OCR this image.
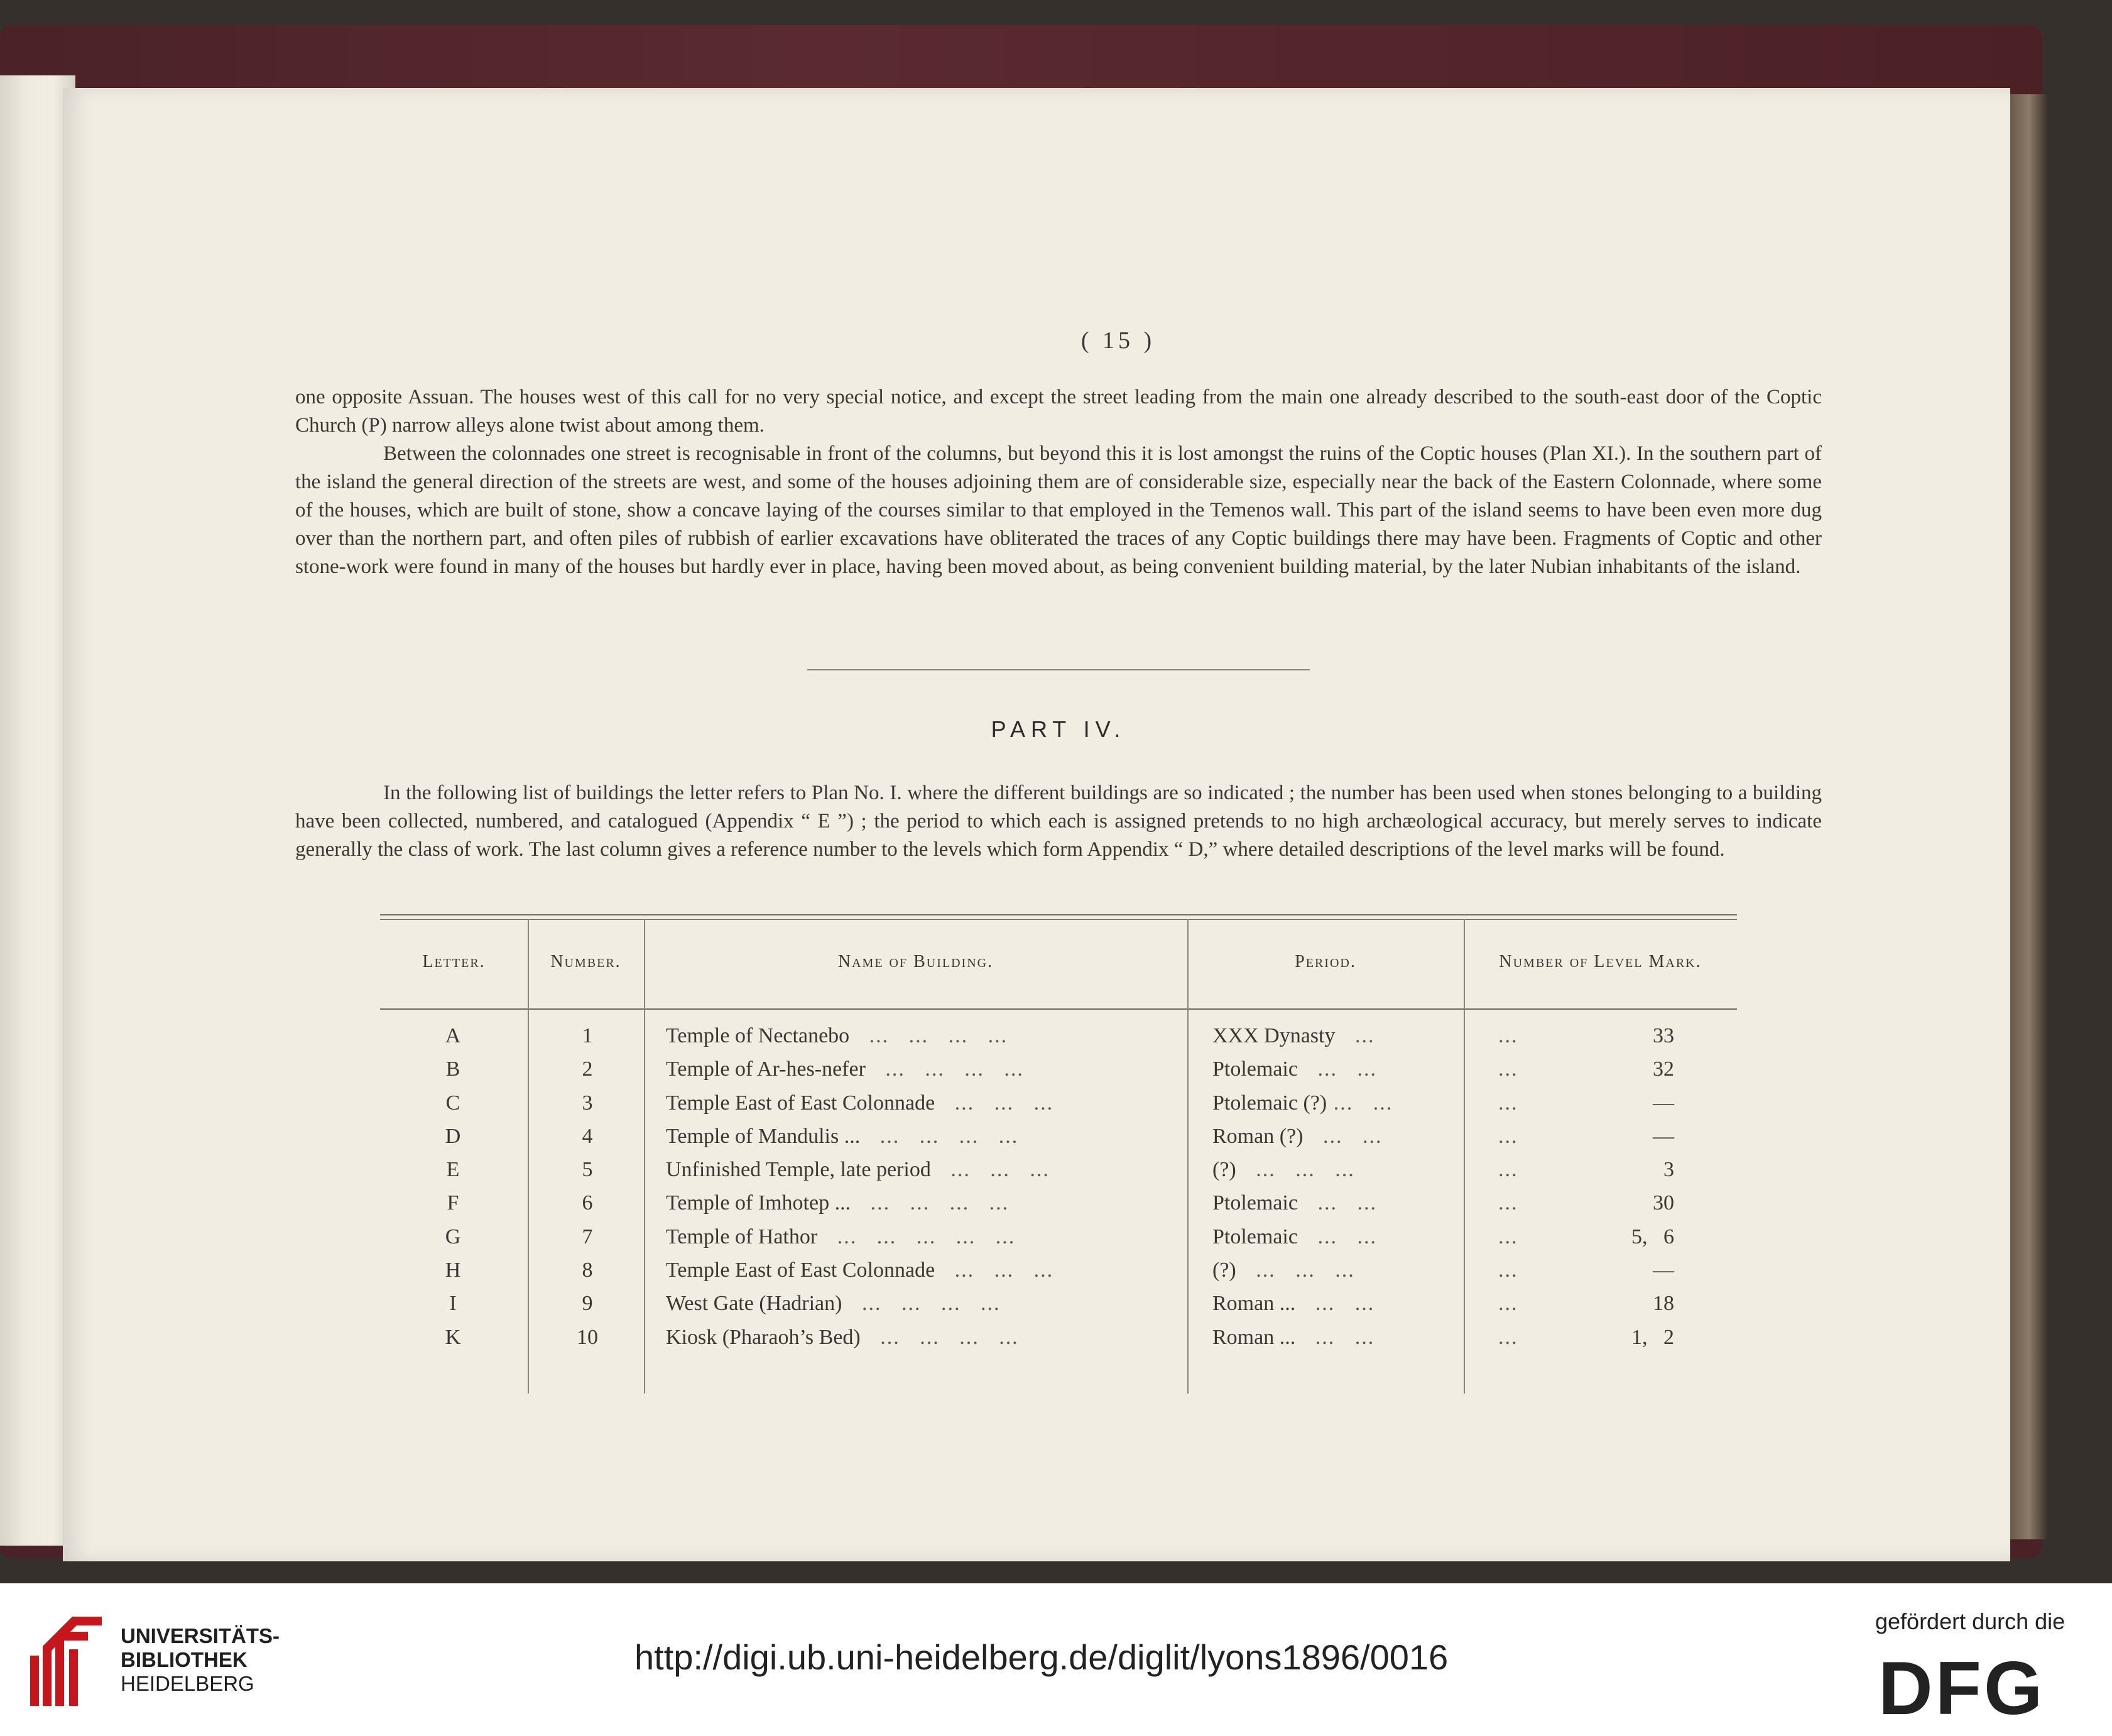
( 15 )

one opposite Assuan. The houses west of this call for no very special notice, and except the street leading from the main one already described to the south-east door of the Coptic Church (P) narrow alleys alone twist about among them.

Between the colonnades one street is recognisable in front of the columns, but beyond this it is lost amongst the ruins of the Coptic houses (Plan XI.). In the southern part of the island the general direction of the streets are west, and some of the houses adjoining them are of considerable size, especially near the back of the Eastern Colonnade, where some of the houses, which are built of stone, show a concave laying of the courses similar to that employed in the Temenos wall. This part of the island seems to have been even more dug over than the northern part, and often piles of rubbish of earlier excavations have obliterated the traces of any Coptic buildings there may have been. Fragments of Coptic and other stone-work were found in many of the houses but hardly ever in place, having been moved about, as being convenient building material, by the later Nubian inhabitants of the island.

PART IV.

In the following list of buildings the letter refers to Plan No. I. where the different buildings are so indicated ; the number has been used when stones belonging to a building have been collected, numbered, and catalogued (Appendix “ E ”) ; the period to which each is assigned pretends to no high archæological accuracy, but merely serves to indicate generally the class of work. The last column gives a reference number to the levels which form Appendix “ D,” where detailed descriptions of the level marks will be found.

Letter.	Number.	Name of Building.	Period.	Number of Level Mark.
A	1	Temple of Nectanebo   ...   ...   ...   ...	XXX Dynasty   ...	...	33
B	2	Temple of Ar-hes-nefer   ...   ...   ...   ...	Ptolemaic   ...   ...	...	32
C	3	Temple East of East Colonnade   ...   ...   ...	Ptolemaic (?) ...   ...	...	—
D	4	Temple of Mandulis ...   ...   ...   ...   ...	Roman (?)   ...   ...	...	—
E	5	Unfinished Temple, late period   ...   ...   ...	(?)   ...   ...   ...	...	3
F	6	Temple of Imhotep ...   ...   ...   ...   ...	Ptolemaic   ...   ...	...	30
G	7	Temple of Hathor   ...   ...   ...   ...   ...	Ptolemaic   ...   ...	...	5,   6
H	8	Temple East of East Colonnade   ...   ...   ...	(?)   ...   ...   ...	...	—
I	9	West Gate (Hadrian)   ...   ...   ...   ...	Roman ...   ...   ...	...	18
K	10	Kiosk (Pharaoh’s Bed)   ...   ...   ...   ...	Roman ...   ...   ...	...	1,   2
UNIVERSITÄTS-
BIBLIOTHEK
HEIDELBERG
http://digi.ub.uni-heidelberg.de/diglit/lyons1896/0016
gefördert durch die
DFG
